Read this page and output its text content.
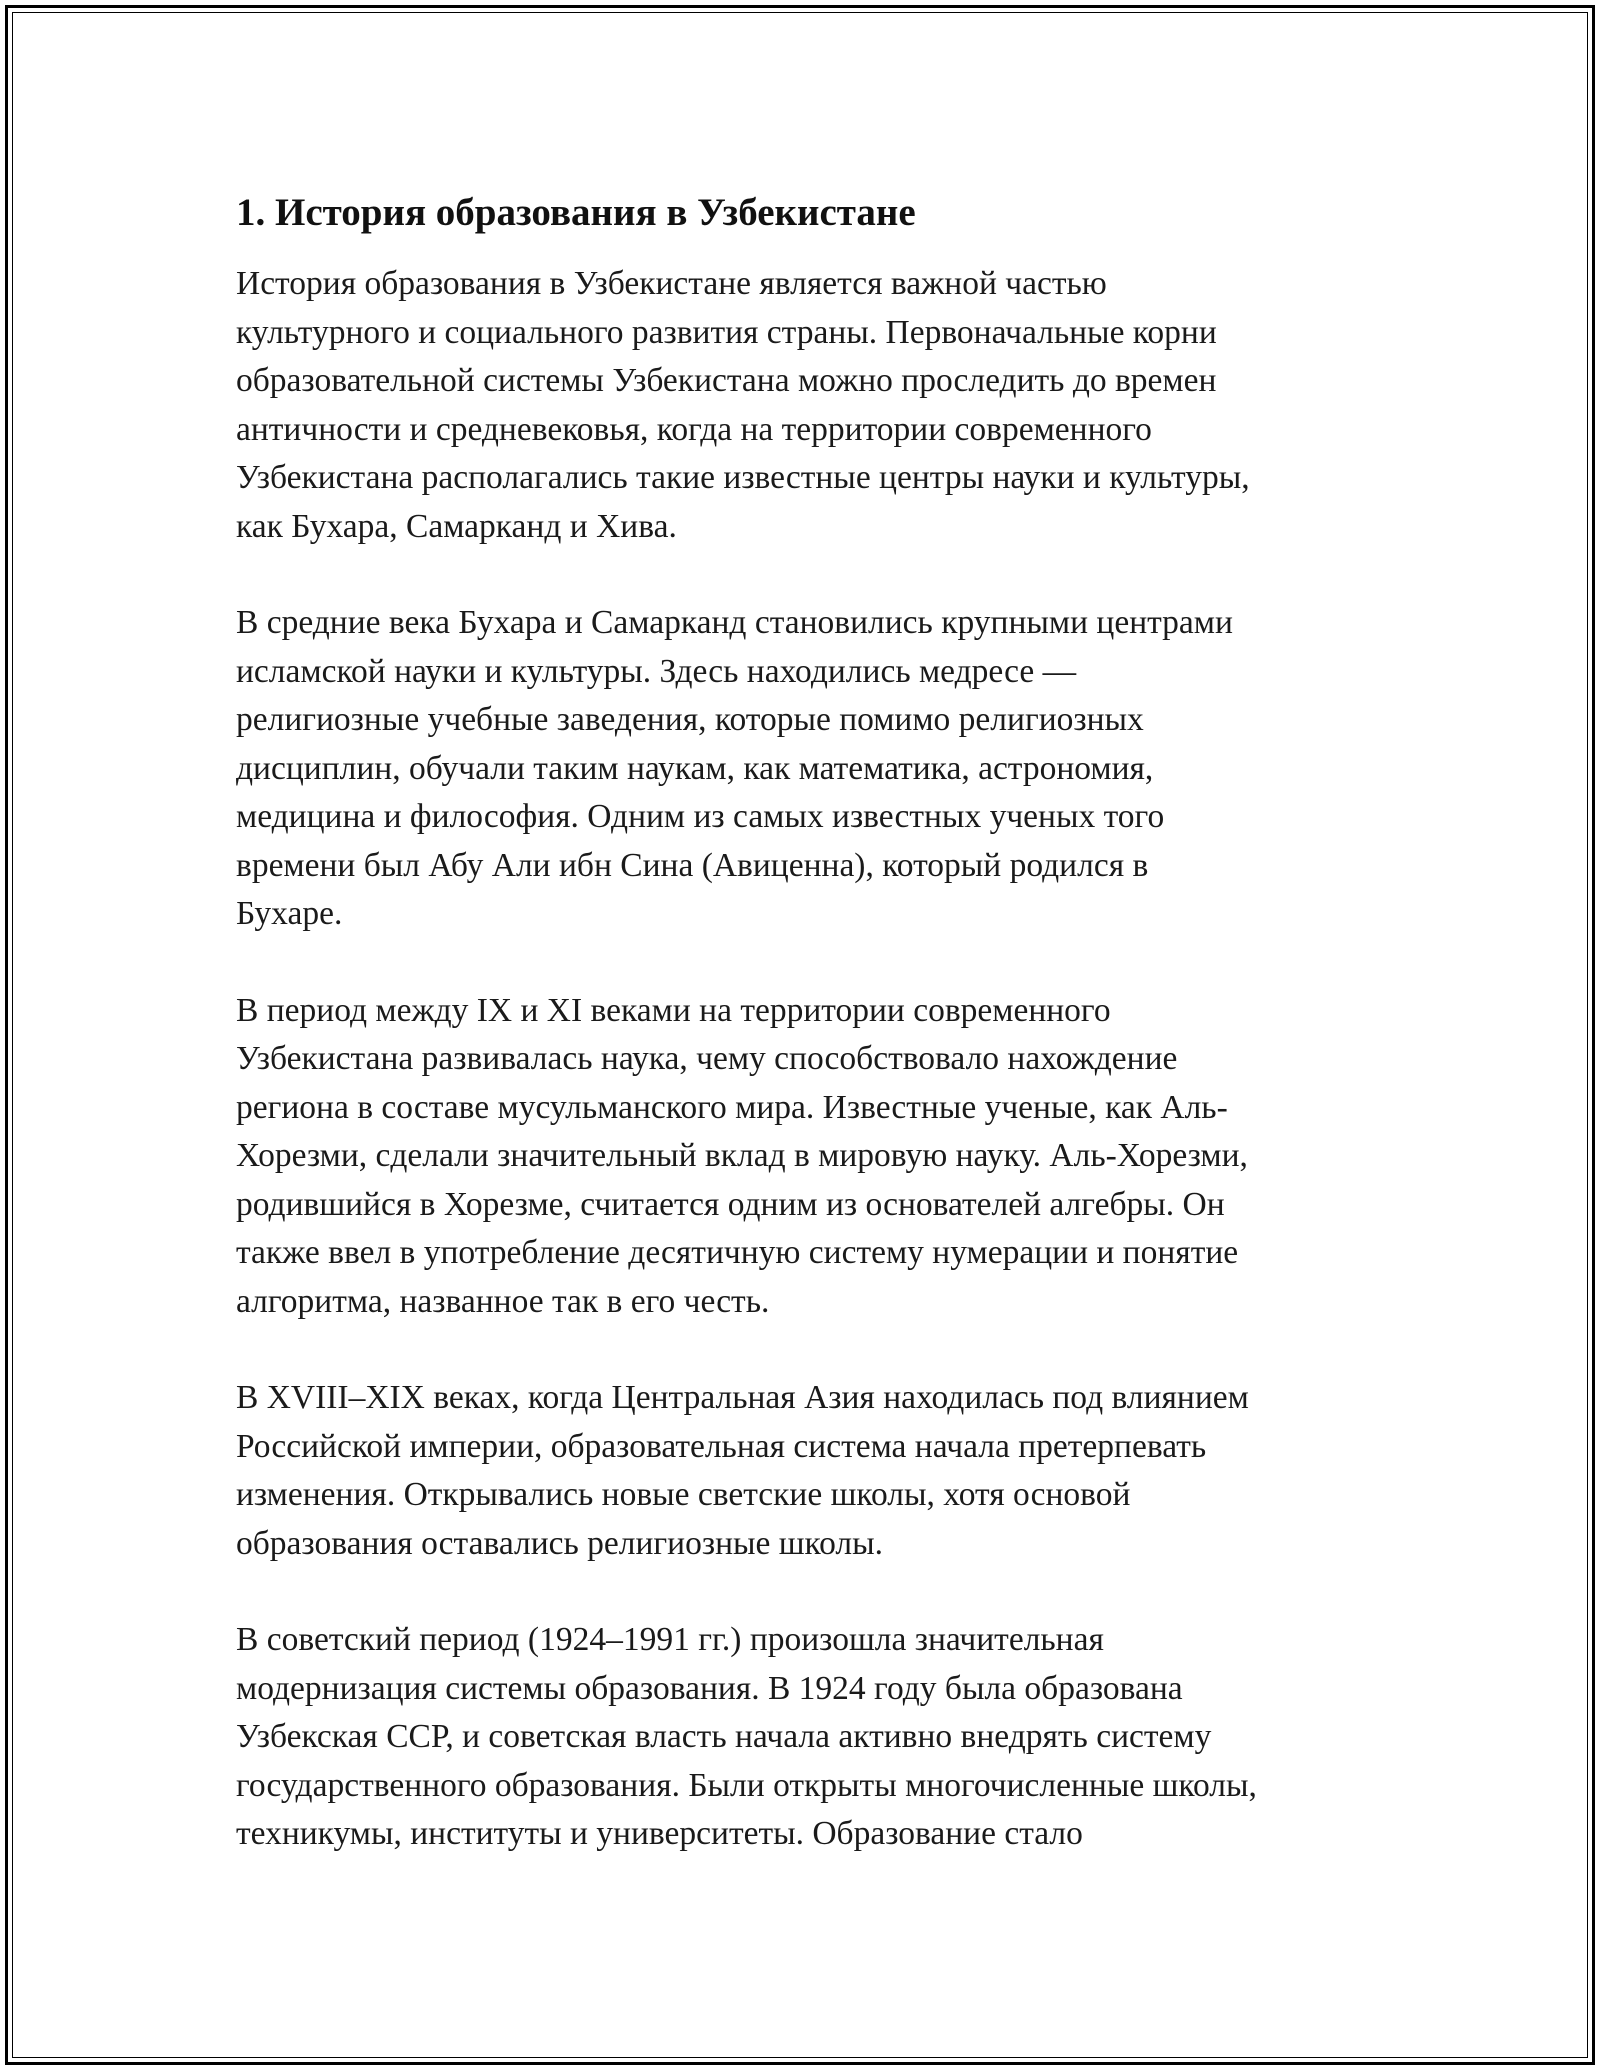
1. История образования в Узбекистане

История образования в Узбекистане является важной частью
культурного и социального развития страны. Первоначальные корни
образовательной системы Узбекистана можно проследить до времен
античности и средневековья, когда на территории современного
Узбекистана располагались такие известные центры науки и культуры,
как Бухара, Самарканд и Хива.

В средние века Бухара и Самарканд становились крупными центрами
исламской науки и культуры. Здесь находились медресе —
религиозные учебные заведения, которые помимо религиозных
дисциплин, обучали таким наукам, как математика, астрономия,
медицина и философия. Одним из самых известных ученых того
времени был Абу Али ибн Сина (Авиценна), который родился в
Бухаре.

В период между IX и XI веками на территории современного
Узбекистана развивалась наука, чему способствовало нахождение
региона в составе мусульманского мира. Известные ученые, как Аль-
Хорезми, сделали значительный вклад в мировую науку. Аль-Хорезми,
родившийся в Хорезме, считается одним из основателей алгебры. Он
также ввел в употребление десятичную систему нумерации и понятие
алгоритма, названное так в его честь.

В XVIII–XIX веках, когда Центральная Азия находилась под влиянием
Российской империи, образовательная система начала претерпевать
изменения. Открывались новые светские школы, хотя основой
образования оставались религиозные школы.

В советский период (1924–1991 гг.) произошла значительная
модернизация системы образования. В 1924 году была образована
Узбекская ССР, и советская власть начала активно внедрять систему
государственного образования. Были открыты многочисленные школы,
техникумы, институты и университеты. Образование стало
